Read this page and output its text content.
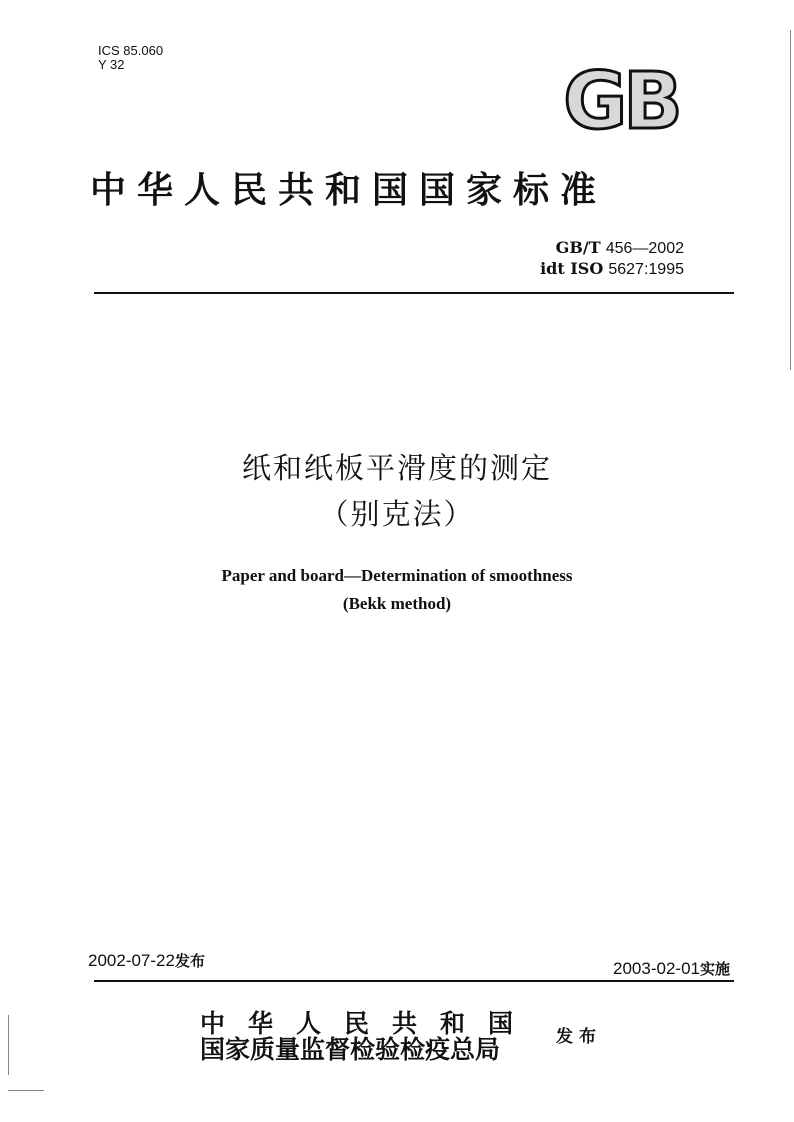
ICS 85.060
Y 32	GB
中华人民共和国国家标准
GB/T 456—2002
idt ISO 5627:1995
纸和纸板平滑度的测定
（别克法）
Paper and board—Determination of smoothness
(Bekk method)
2002-07-22发布	2003-02-01实施
中华人民共和国
国家质量监督检验检疫总局	发布
